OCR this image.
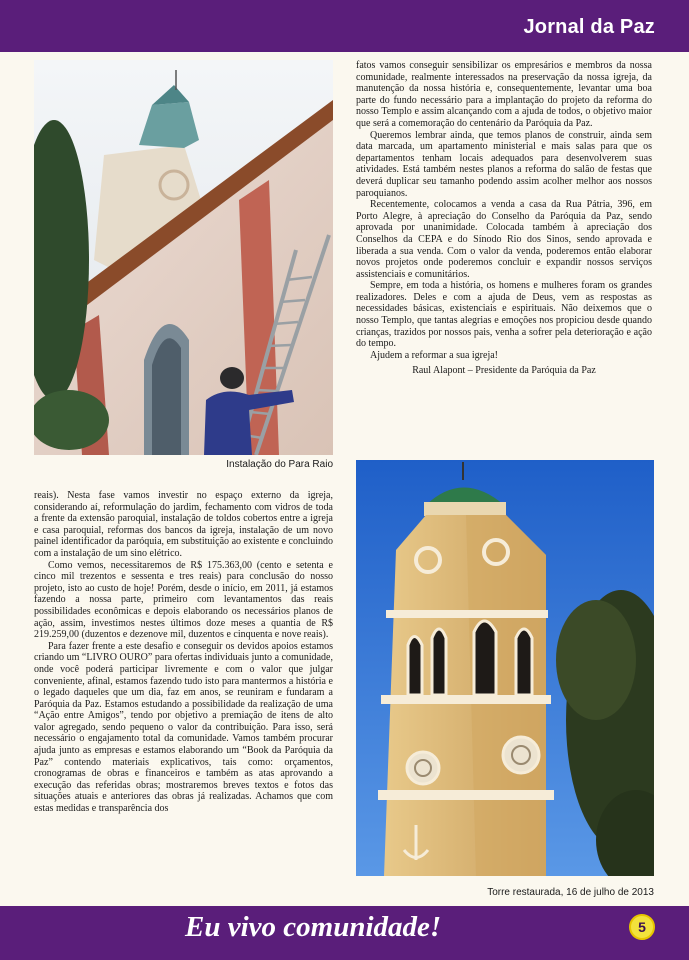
Jornal da Paz
Instalação do Para Raio

fatos vamos conseguir sensibilizar os empresários e membros da nossa comunidade, realmente interessados na preservação da nossa igreja, da manutenção da nossa história e, consequentemente, levantar uma boa parte do fundo necessário para a implantação do projeto da reforma do nosso Templo e assim alcançando com a ajuda de todos, o objetivo maior que será a comemoração do centenário da Paróquia da Paz.

Queremos lembrar ainda, que temos planos de construir, ainda sem data marcada, um apartamento ministerial e mais salas para que os departamentos tenham locais adequados para desenvolverem suas atividades. Está também nestes planos a reforma do salão de festas que deverá duplicar seu tamanho podendo assim acolher melhor aos nossos paroquianos.

Recentemente, colocamos a venda a casa da Rua Pátria, 396, em Porto Alegre, à apreciação do Conselho da Paróquia da Paz, sendo aprovada por unanimidade. Colocada também à apreciação dos Conselhos da CEPA e do Sínodo Rio dos Sinos, sendo aprovada e liberada a sua venda. Com o valor da venda, poderemos então elaborar novos projetos onde poderemos concluir e expandir nossos serviços assistenciais e comunitários.

Sempre, em toda a história, os homens e mulheres foram os grandes realizadores. Deles e com a ajuda de Deus, vem as respostas as necessidades básicas, existenciais e espirituais. Não deixemos que o nosso Templo, que tantas alegrias e emoções nos propiciou desde quando crianças, trazidos por nossos pais, venha a sofrer pela deterioração e ação do tempo.

Ajudem a reformar a sua igreja!

Raul Alapont – Presidente da Paróquia da Paz

reais). Nesta fase vamos investir no espaço externo da igreja, considerando aí, reformulação do jardim, fechamento com vidros de toda a frente da extensão paroquial, instalação de toldos cobertos entre a igreja e casa paroquial, reformas dos bancos da igreja, instalação de um novo painel identificador da paróquia, em substituição ao existente e concluindo com a instalação de um sino elétrico.

Como vemos, necessitaremos de R$ 175.363,00 (cento e setenta e cinco mil trezentos e sessenta e tres reais) para conclusão do nosso projeto, isto ao custo de hoje! Porém, desde o início, em 2011, já estamos fazendo a nossa parte, primeiro com levantamentos das reais possibilidades econômicas e depois elaborando os necessários planos de ação, assim, investimos nestes últimos doze meses a quantia de R$ 219.259,00 (duzentos e dezenove mil, duzentos e cinquenta e nove reais).

Para fazer frente a este desafio e conseguir os devidos apoios estamos criando um “LIVRO OURO” para ofertas individuais junto a comunidade, onde você poderá participar livremente e com o valor que julgar conveniente, afinal, estamos fazendo tudo isto para mantermos a história e o legado daqueles que um dia, faz em anos, se reuniram e fundaram a Paróquia da Paz. Estamos estudando a possibilidade da realização de uma “Ação entre Amigos”, tendo por objetivo a premiação de itens de alto valor agregado, sendo pequeno o valor da contribuição. Para isso, será necessário o engajamento total da comunidade. Vamos também procurar ajuda junto as empresas e estamos elaborando um “Book da Paróquia da Paz” contendo materiais explicativos, tais como: orçamentos, cronogramas de obras e financeiros e também as atas aprovando a execução das referidas obras; mostraremos breves textos e fotos das situações atuais e anteriores das obras já realizadas. Achamos que com estas medidas e transparência dos

Torre restaurada, 16 de julho de 2013
Eu vivo comunidade!	5
